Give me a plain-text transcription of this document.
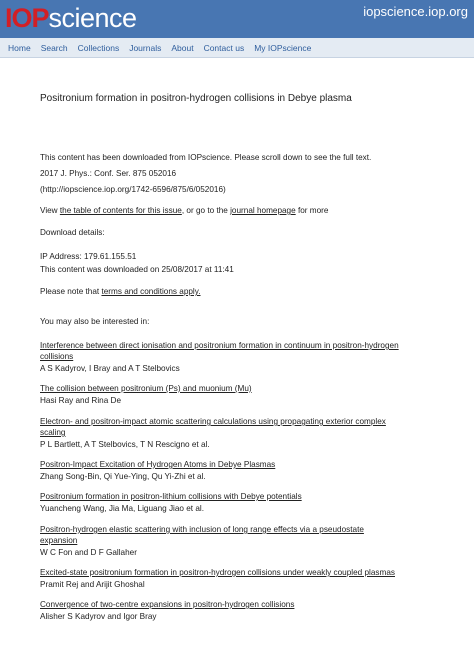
IOP science	iopscience.iop.org
Home Search Collections Journals About Contact us My IOPscience
Positronium formation in positron-hydrogen collisions in Debye plasma
This content has been downloaded from IOPscience. Please scroll down to see the full text.
2017 J. Phys.: Conf. Ser. 875 052016
(http://iopscience.iop.org/1742-6596/875/6/052016)
View the table of contents for this issue, or go to the journal homepage for more
Download details:
IP Address: 179.61.155.51
This content was downloaded on 25/08/2017 at 11:41
Please note that terms and conditions apply.
You may also be interested in:
Interference between direct ionisation and positronium formation in continuum in positron-hydrogen
collisions
A S Kadyrov, I Bray and A T Stelbovics
The collision between positronium (Ps) and muonium (Mu)
Hasi Ray and Rina De
Electron- and positron-impact atomic scattering calculations using propagating exterior complex
scaling
P L Bartlett, A T Stelbovics, T N Rescigno et al.
Positron-Impact Excitation of Hydrogen Atoms in Debye Plasmas
Zhang Song-Bin, Qi Yue-Ying, Qu Yi-Zhi et al.
Positronium formation in positron-lithium collisions with Debye potentials
Yuancheng Wang, Jia Ma, Liguang Jiao et al.
Positron-hydrogen elastic scattering with inclusion of long range effects via a pseudostate
expansion
W C Fon and D F Gallaher
Excited-state positronium formation in positron-hydrogen collisions under weakly coupled plasmas
Pramit Rej and Arijit Ghoshal
Convergence of two-centre expansions in positron-hydrogen collisions
Alisher S Kadyrov and Igor Bray
